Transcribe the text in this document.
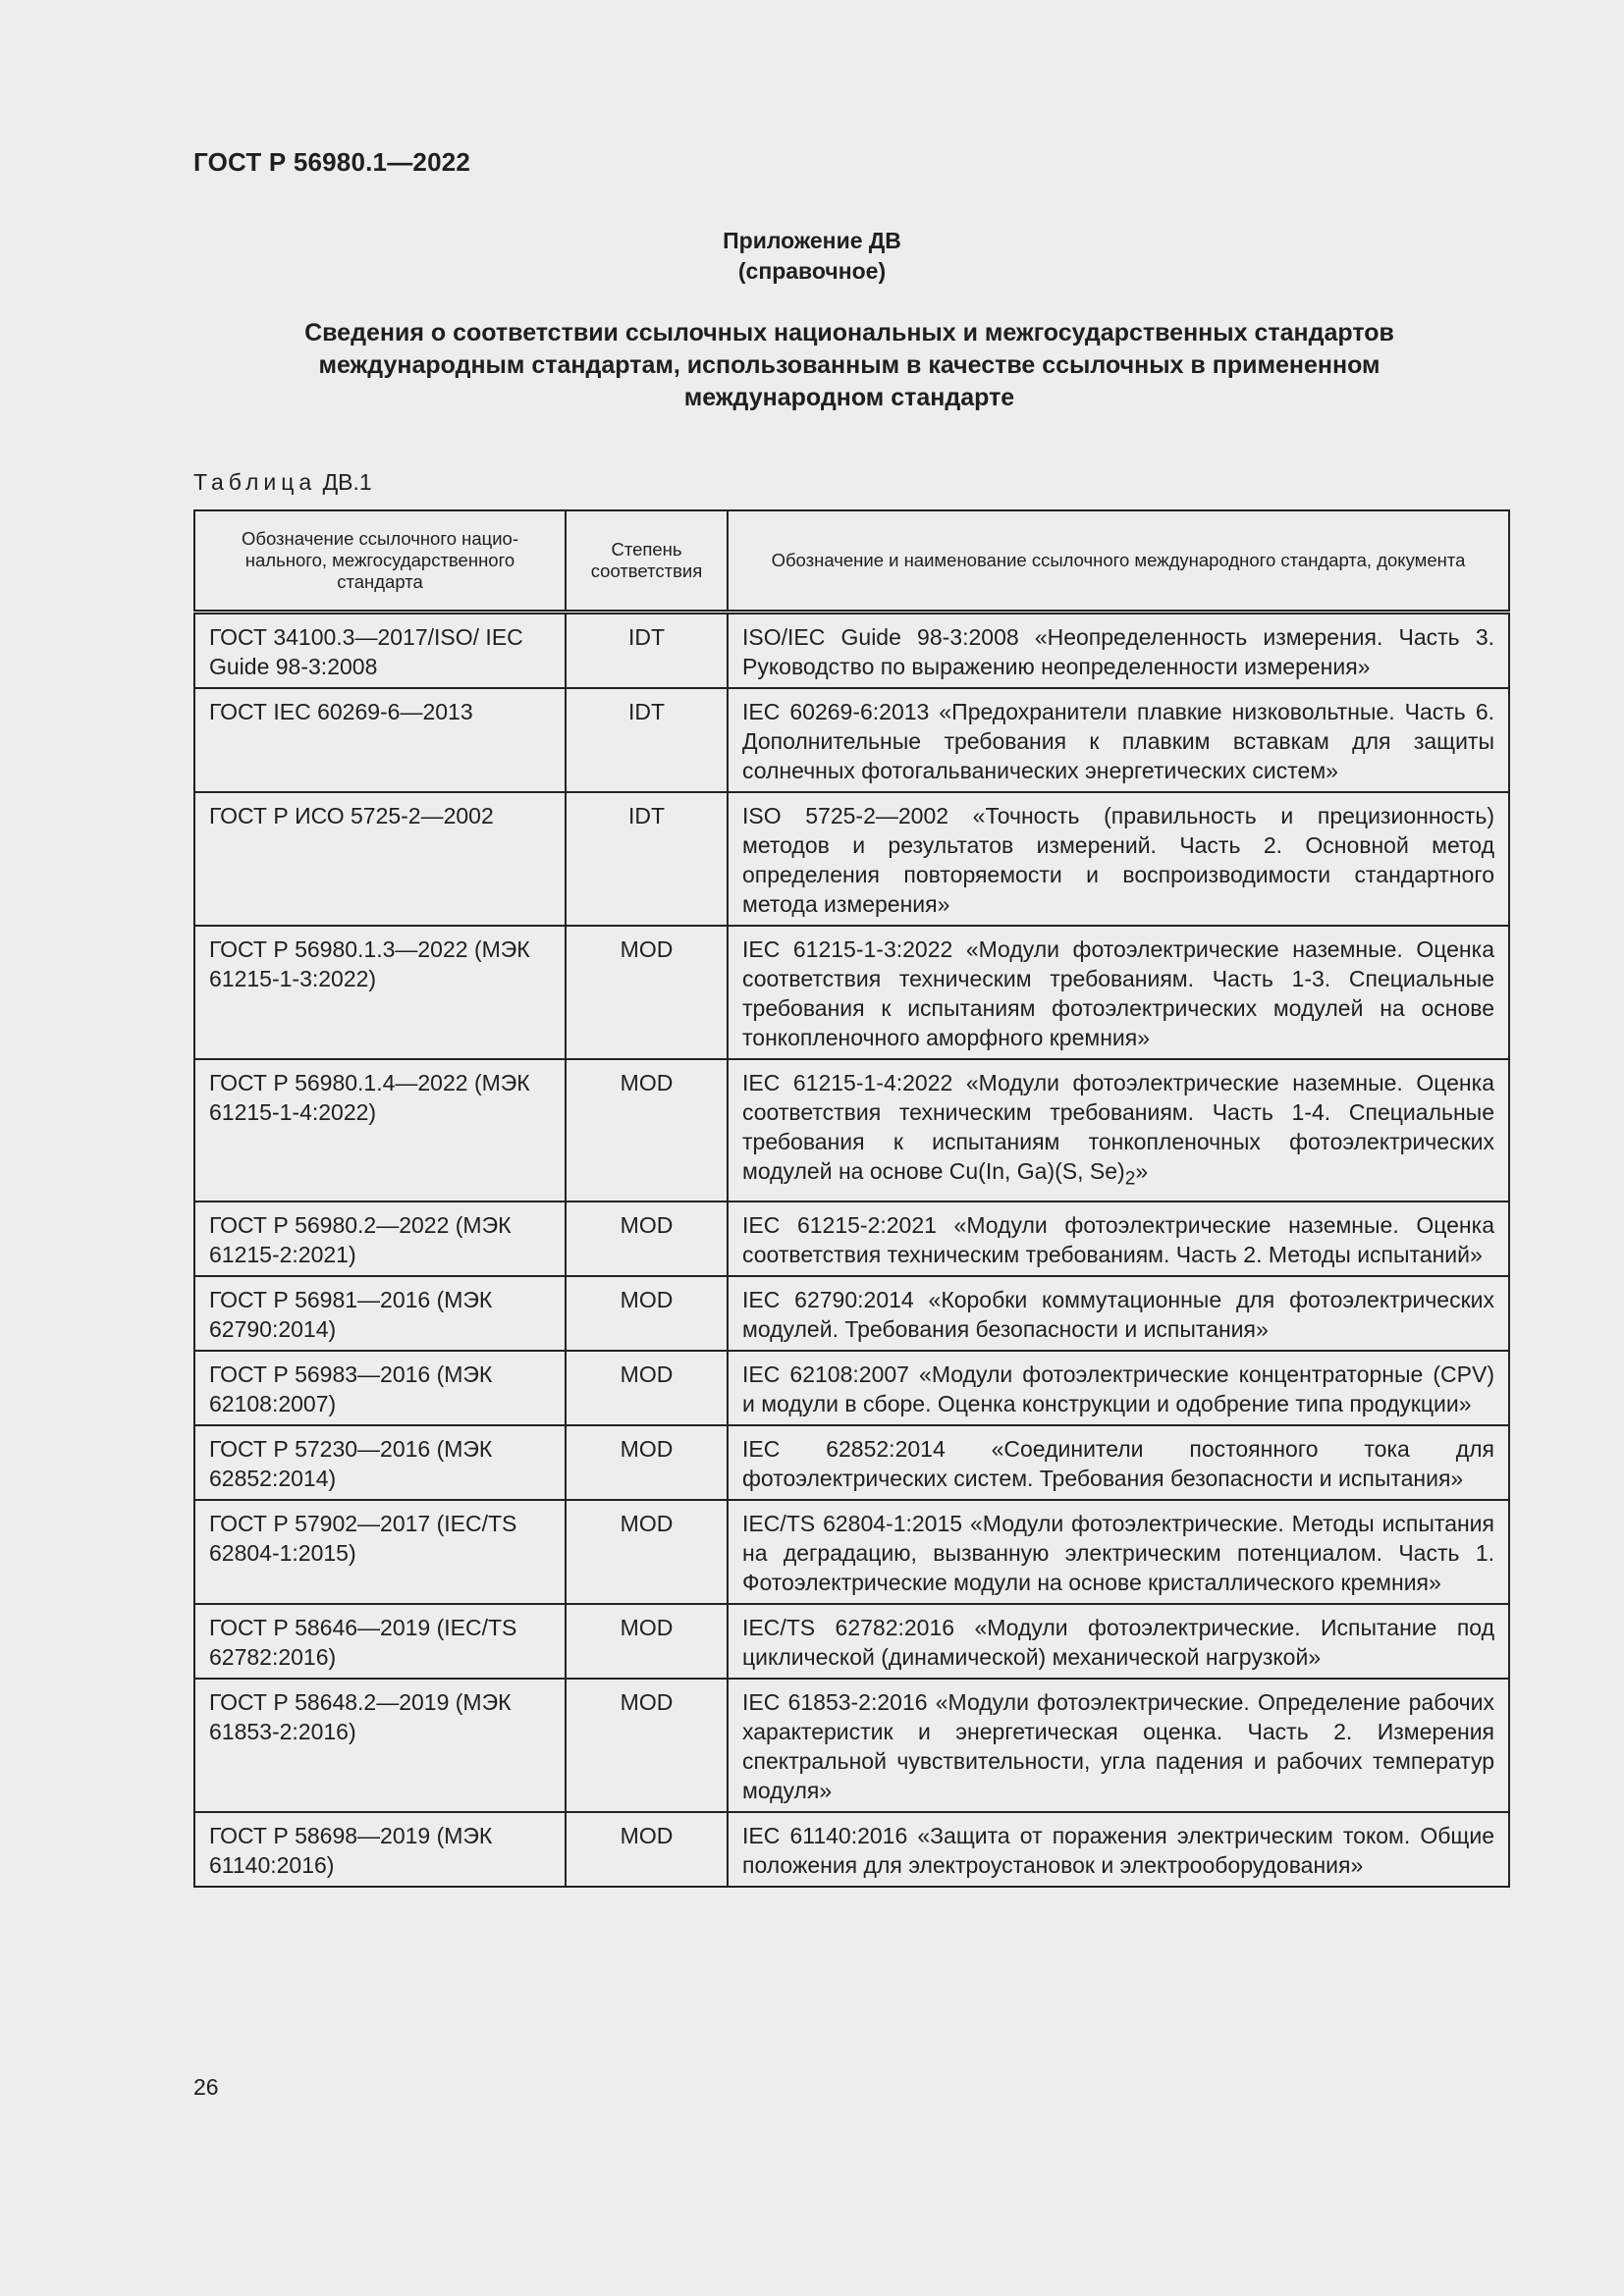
ГОСТ Р 56980.1—2022
Приложение ДВ
(справочное)
Сведения о соответствии ссылочных национальных и межгосударственных стандартов
международным стандартам, использованным в качестве ссылочных в примененном
международном стандарте
Таблица ДВ.1
Обозначение ссылочного нацио-нального, межгосударственного стандарта	Степень соответствия	Обозначение и наименование ссылочного международного стандарта, документа
ГОСТ 34100.3—2017/ISO/ IEC Guide 98-3:2008	IDT	ISO/IEC Guide 98-3:2008 «Неопределенность измерения. Часть 3. Руководство по выражению неопределенности измерения»
ГОСТ IEC 60269-6—2013	IDT	IEC 60269-6:2013 «Предохранители плавкие низковольтные. Часть 6. Дополнительные требования к плавким вставкам для защиты солнечных фотогальванических энергетических систем»
ГОСТ Р ИСО 5725-2—2002	IDT	ISO 5725-2—2002 «Точность (правильность и прецизионность) методов и результатов измерений. Часть 2. Основной метод определения повторяемости и воспроизводимости стандартного метода измерения»
ГОСТ Р 56980.1.3—2022 (МЭК 61215-1-3:2022)	MOD	IEC 61215-1-3:2022 «Модули фотоэлектрические наземные. Оценка соответствия техническим требованиям. Часть 1-3. Специальные требования к испытаниям фотоэлектрических модулей на основе тонкопленочного аморфного кремния»
ГОСТ Р 56980.1.4—2022 (МЭК 61215-1-4:2022)	MOD	IEC 61215-1-4:2022 «Модули фотоэлектрические наземные. Оценка соответствия техническим требованиям. Часть 1-4. Специальные требования к испытаниям тонкопленочных фотоэлектрических модулей на основе Cu(In, Ga)(S, $Se)_2$»
ГОСТ Р 56980.2—2022 (МЭК 61215-2:2021)	MOD	IEC 61215-2:2021 «Модули фотоэлектрические наземные. Оценка соответствия техническим требованиям. Часть 2. Методы испытаний»
ГОСТ Р 56981—2016 (МЭК 62790:2014)	MOD	IEC 62790:2014 «Коробки коммутационные для фотоэлектрических модулей. Требования безопасности и испытания»
ГОСТ Р 56983—2016 (МЭК 62108:2007)	MOD	IEC 62108:2007 «Модули фотоэлектрические концентраторные (CPV) и модули в сборе. Оценка конструкции и одобрение типа продукции»
ГОСТ Р 57230—2016 (МЭК 62852:2014)	MOD	IEC 62852:2014 «Соединители постоянного тока для фотоэлектрических систем. Требования безопасности и испытания»
ГОСТ Р 57902—2017 (IEC/TS 62804-1:2015)	MOD	IEC/TS 62804-1:2015 «Модули фотоэлектрические. Методы испытания на деградацию, вызванную электрическим потенциалом. Часть 1. Фотоэлектрические модули на основе кристаллического кремния»
ГОСТ Р 58646—2019 (IEC/TS 62782:2016)	MOD	IEC/TS 62782:2016 «Модули фотоэлектрические. Испытание под циклической (динамической) механической нагрузкой»
ГОСТ Р 58648.2—2019 (МЭК 61853-2:2016)	MOD	IEC 61853-2:2016 «Модули фотоэлектрические. Определение рабочих характеристик и энергетическая оценка. Часть 2. Измерения спектральной чувствительности, угла падения и рабочих температур модуля»
ГОСТ Р 58698—2019 (МЭК 61140:2016)	MOD	IEC 61140:2016 «Защита от поражения электрическим током. Общие положения для электроустановок и электрооборудования»
26
